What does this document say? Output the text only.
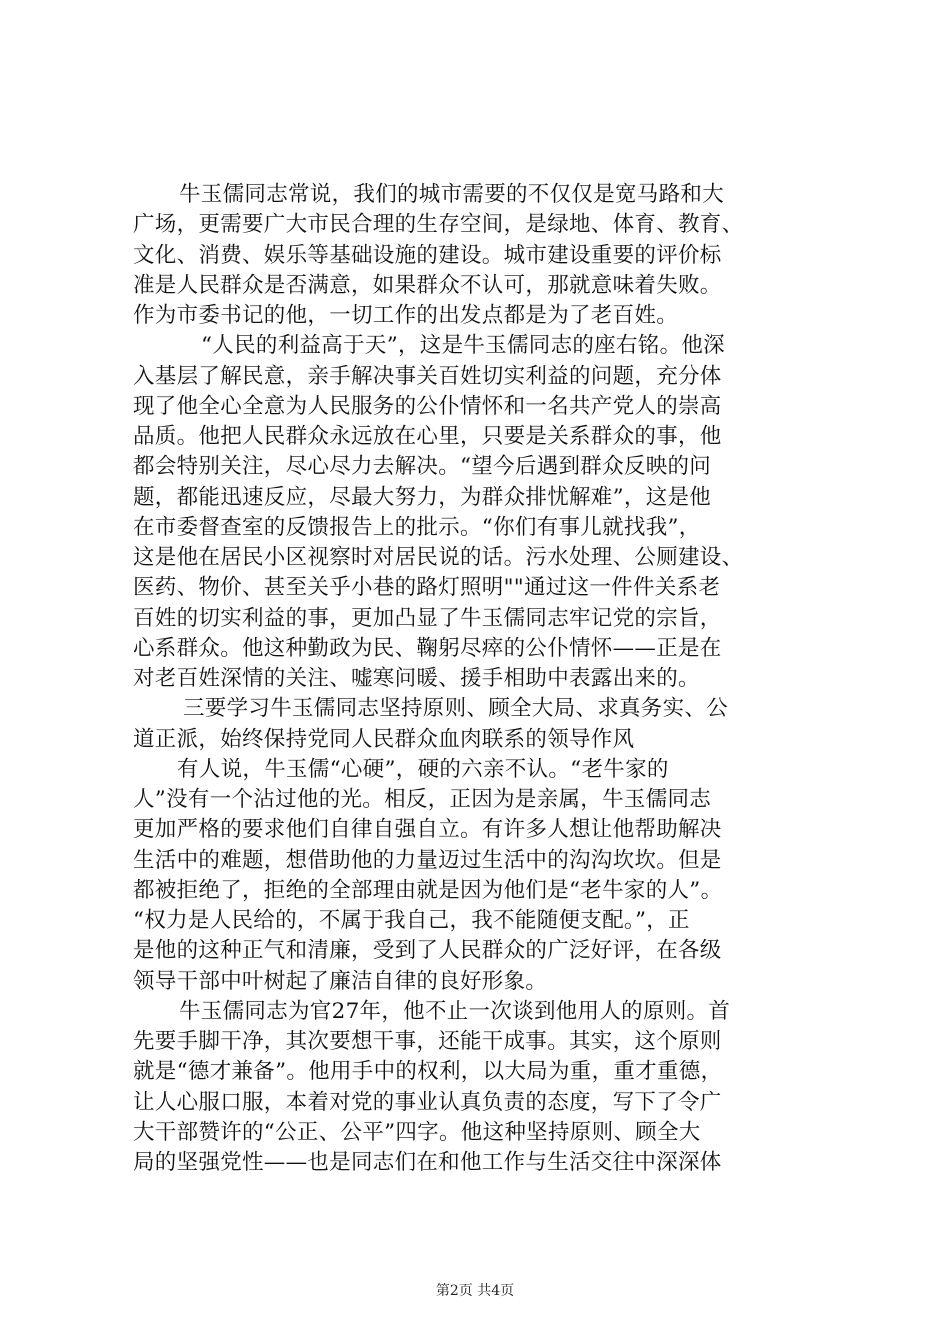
牛玉儒同志常说，我们的城市需要的不仅仅是宽马路和大
广场，更需要广大市民合理的生存空间，是绿地、体育、教育、
文化、消费、娱乐等基础设施的建设。城市建设重要的评价标
准是人民群众是否满意，如果群众不认可，那就意味着失败。
作为市委书记的他，一切工作的出发点都是为了老百姓。
“人民的利益高于天”，这是牛玉儒同志的座右铭。他深
入基层了解民意，亲手解决事关百姓切实利益的问题，充分体
现了他全心全意为人民服务的公仆情怀和一名共产党人的崇高
品质。他把人民群众永远放在心里，只要是关系群众的事，他
都会特别关注，尽心尽力去解决。“望今后遇到群众反映的问
题，都能迅速反应，尽最大努力，为群众排忧解难”，这是他
在市委督查室的反馈报告上的批示。“你们有事儿就找我”，
这是他在居民小区视察时对居民说的话。污水处理、公厕建设、
医药、物价、甚至关乎小巷的路灯照明""通过这一件件关系老
百姓的切实利益的事，更加凸显了牛玉儒同志牢记党的宗旨，
心系群众。他这种勤政为民、鞠躬尽瘁的公仆情怀——正是在
对老百姓深情的关注、嘘寒问暖、援手相助中表露出来的。
三要学习牛玉儒同志坚持原则、顾全大局、求真务实、公
道正派，始终保持党同人民群众血肉联系的领导作风
有人说，牛玉儒“心硬”，硬的六亲不认。“老牛家的
人”没有一个沾过他的光。相反，正因为是亲属，牛玉儒同志
更加严格的要求他们自律自强自立。有许多人想让他帮助解决
生活中的难题，想借助他的力量迈过生活中的沟沟坎坎。但是
都被拒绝了，拒绝的全部理由就是因为他们是“老牛家的人”。
“权力是人民给的，不属于我自己，我不能随便支配。”，正
是他的这种正气和清廉，受到了人民群众的广泛好评，在各级
领导干部中叶树起了廉洁自律的良好形象。
牛玉儒同志为官27年，他不止一次谈到他用人的原则。首
先要手脚干净，其次要想干事，还能干成事。其实，这个原则
就是“德才兼备”。他用手中的权利，以大局为重，重才重德，
让人心服口服，本着对党的事业认真负责的态度，写下了令广
大干部赞许的“公正、公平”四字。他这种坚持原则、顾全大
局的坚强党性——也是同志们在和他工作与生活交往中深深体
第2页 共4页
